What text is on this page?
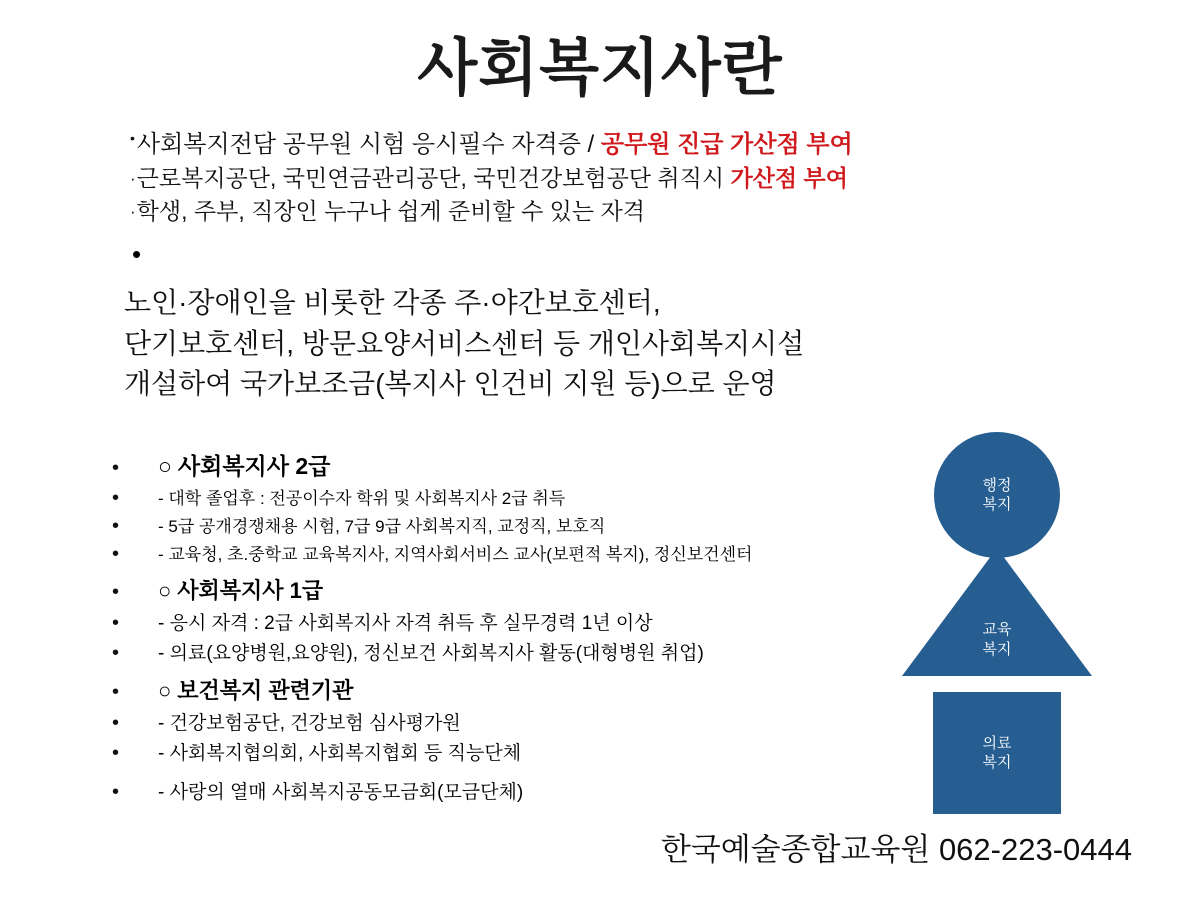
사회복지사란
•사회복지전담 공무원 시험 응시필수 자격증 / 공무원 진급 가산점 부여
·근로복지공단, 국민연금관리공단, 국민건강보험공단 취직시 가산점 부여
·학생, 주부, 직장인 누구나 쉽게 준비할 수 있는 자격
•
노인·장애인을 비롯한 각종 주·야간보호센터,
단기보호센터, 방문요양서비스센터 등 개인사회복지시설
개설하여 국가보조금(복지사 인건비 지원 등)으로 운영
•	○ 사회복지사 2급
•	- 대학 졸업후 : 전공이수자 학위 및 사회복지사 2급 취득
•	- 5급 공개경쟁채용 시험, 7급 9급 사회복지직, 교정직, 보호직
•	- 교육청, 초.중학교 교육복지사, 지역사회서비스 교사(보편적 복지), 정신보건센터
•	○ 사회복지사 1급
•	- 응시 자격 : 2급 사회복지사 자격 취득 후 실무경력 1년 이상
•	- 의료(요양병원,요양원), 정신보건 사회복지사 활동(대형병원 취업)
•	○ 보건복지 관련기관
•	- 건강보험공단, 건강보험 심사평가원
•	- 사회복지협의회, 사회복지협회 등 직능단체
•	- 사랑의 열매 사회복지공동모금회(모금단체)
행정
복지
교육
복지
의료
복지
한국예술종합교육원 062-223-0444
